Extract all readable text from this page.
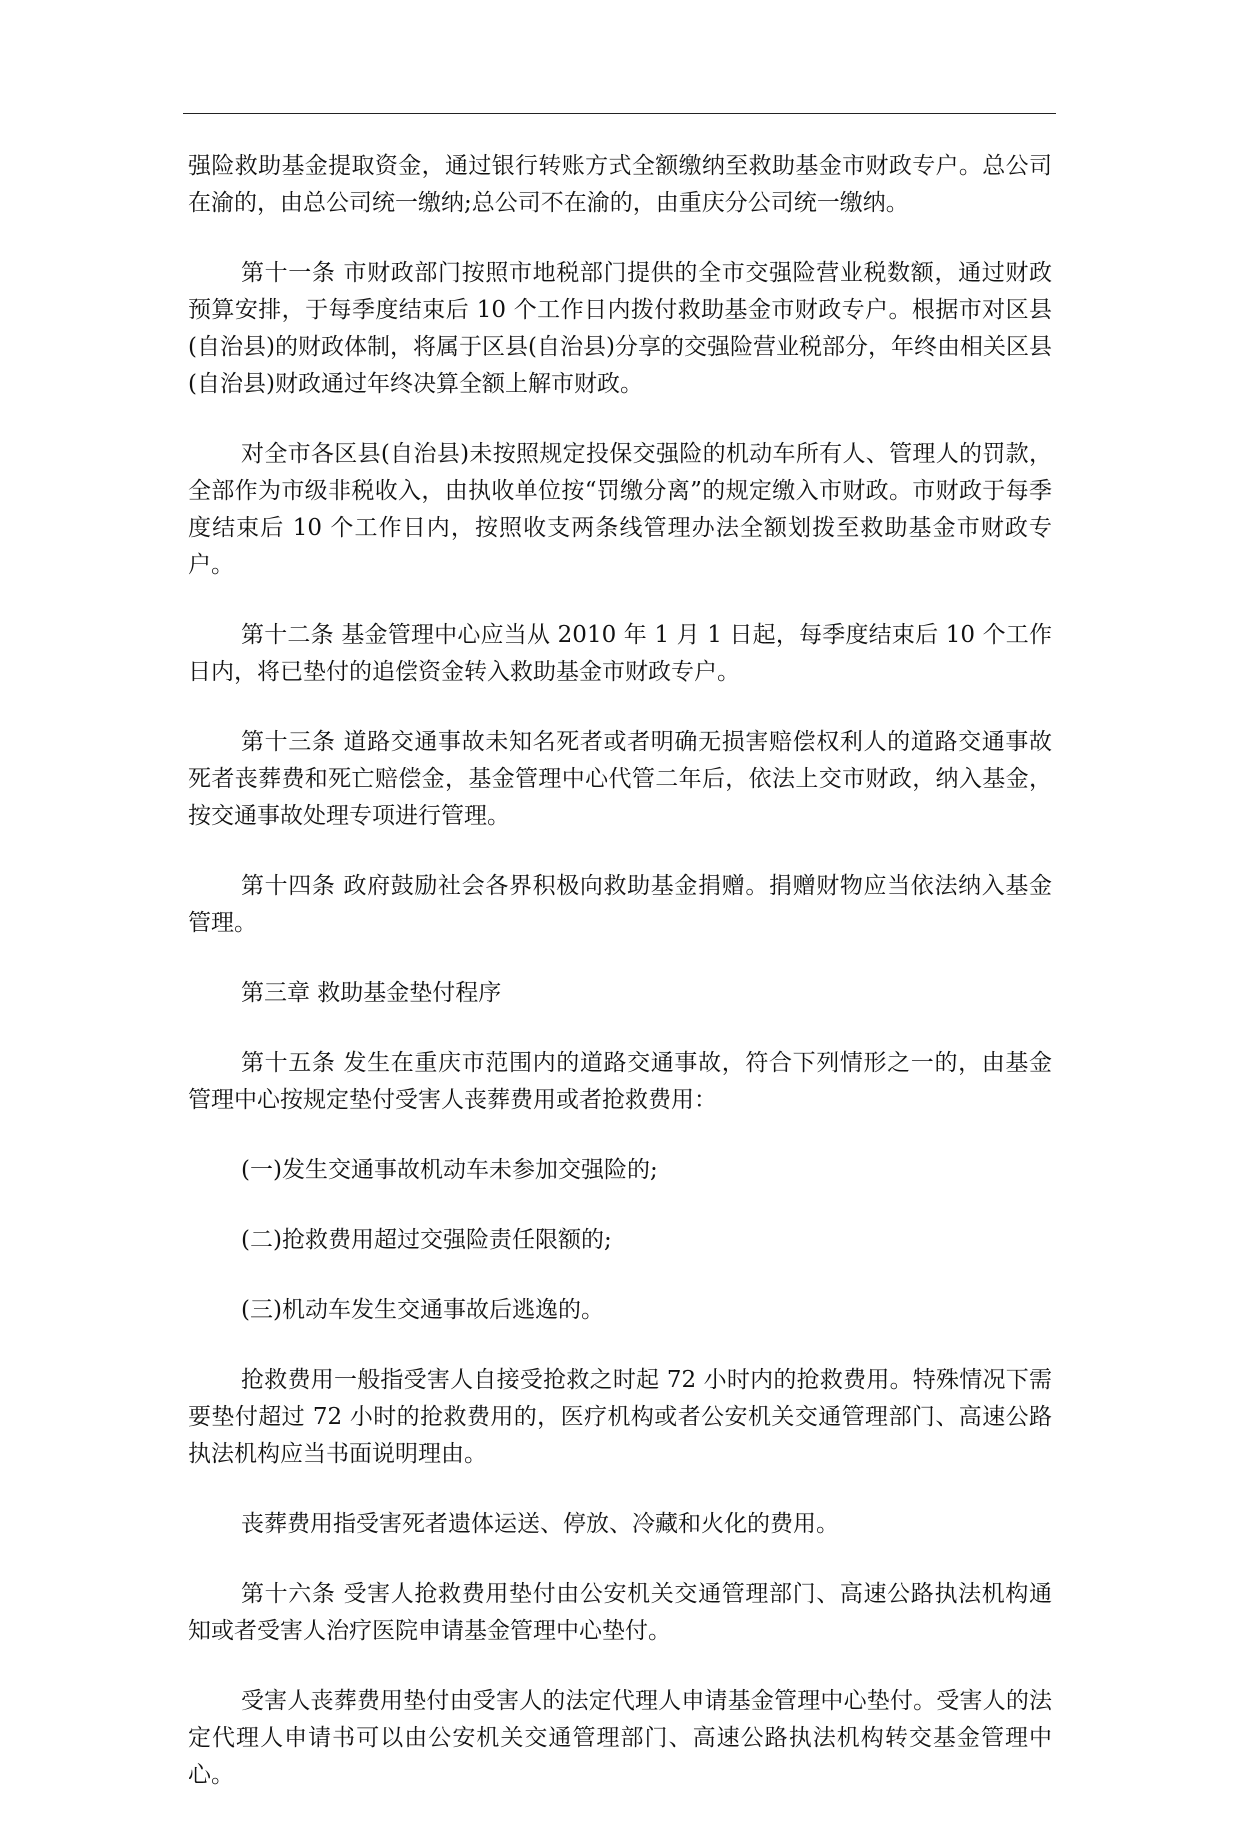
强险救助基金提取资金，通过银行转账方式全额缴纳至救助基金市财政专户。总公司在渝的，由总公司统一缴纳;总公司不在渝的，由重庆分公司统一缴纳。

第十一条 市财政部门按照市地税部门提供的全市交强险营业税数额，通过财政预算安排，于每季度结束后 10 个工作日内拨付救助基金市财政专户。根据市对区县(自治县)的财政体制，将属于区县(自治县)分享的交强险营业税部分，年终由相关区县(自治县)财政通过年终决算全额上解市财政。

对全市各区县(自治县)未按照规定投保交强险的机动车所有人、管理人的罚款，全部作为市级非税收入，由执收单位按“罚缴分离”的规定缴入市财政。市财政于每季度结束后 10 个工作日内，按照收支两条线管理办法全额划拨至救助基金市财政专户。

第十二条 基金管理中心应当从 2010 年 1 月 1 日起，每季度结束后 10 个工作日内，将已垫付的追偿资金转入救助基金市财政专户。

第十三条 道路交通事故未知名死者或者明确无损害赔偿权利人的道路交通事故死者丧葬费和死亡赔偿金，基金管理中心代管二年后，依法上交市财政，纳入基金，按交通事故处理专项进行管理。

第十四条 政府鼓励社会各界积极向救助基金捐赠。捐赠财物应当依法纳入基金管理。

第三章 救助基金垫付程序

第十五条 发生在重庆市范围内的道路交通事故，符合下列情形之一的，由基金管理中心按规定垫付受害人丧葬费用或者抢救费用：

(一)发生交通事故机动车未参加交强险的;

(二)抢救费用超过交强险责任限额的;

(三)机动车发生交通事故后逃逸的。

抢救费用一般指受害人自接受抢救之时起 72 小时内的抢救费用。特殊情况下需要垫付超过 72 小时的抢救费用的，医疗机构或者公安机关交通管理部门、高速公路执法机构应当书面说明理由。

丧葬费用指受害死者遗体运送、停放、冷藏和火化的费用。

第十六条 受害人抢救费用垫付由公安机关交通管理部门、高速公路执法机构通知或者受害人治疗医院申请基金管理中心垫付。

受害人丧葬费用垫付由受害人的法定代理人申请基金管理中心垫付。受害人的法定代理人申请书可以由公安机关交通管理部门、高速公路执法机构转交基金管理中心。
